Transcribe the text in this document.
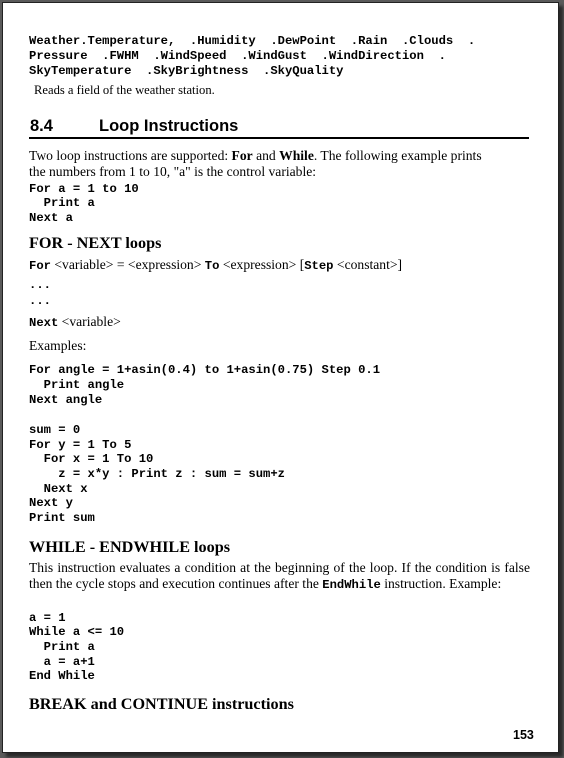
Weather.Temperature,  .Humidity  .DewPoint  .Rain  .Clouds  .
Pressure  .FWHM  .WindSpeed  .WindGust  .WindDirection  .
SkyTemperature  .SkyBrightness  .SkyQuality
Reads a field of the weather station.
8.4	Loop Instructions
Two loop instructions are supported: For and While. The following example prints
the numbers from 1 to 10, "a" is the control variable:
For a = 1 to 10
Print a
Next a
FOR - NEXT loops
For <variable> = <expression> To <expression> [Step <constant>]
...
...
Next <variable>
Examples:
For angle = 1+asin(0.4) to 1+asin(0.75) Step 0.1
Print angle
Next angle
sum = 0
For y = 1 To 5
For x = 1 To 10
z = x*y : Print z : sum = sum+z
Next x
Next y
Print sum
WHILE - ENDWHILE loops
This instruction evaluates a condition at the beginning of the loop. If the condition is false then the cycle stops and execution continues after the EndWhile instruction. Example:
a = 1
While a <= 10
Print a
a = a+1
End While
BREAK and CONTINUE instructions
153
